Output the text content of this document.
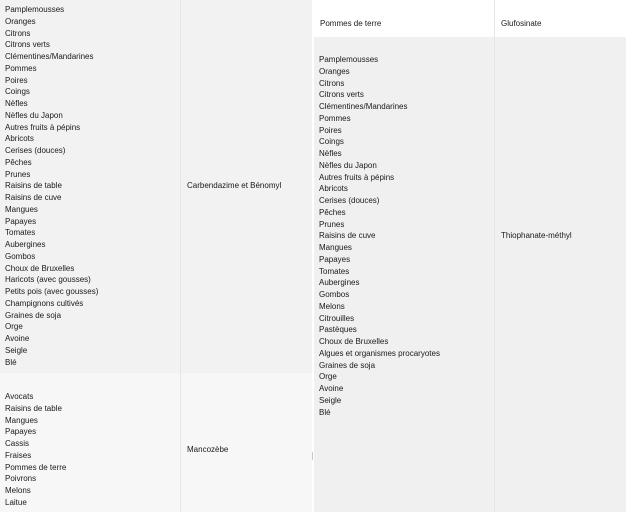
Pamplemousses
Oranges
Citrons
Citrons verts
Clémentines/Mandarines
Pommes
Poires
Coings
Nèfles
Nèfles du Japon
Autres fruits à pépins
Abricots
Cerises (douces)
Pêches
Prunes
Raisins de table
Raisins de cuve
Mangues
Papayes
Tomates
Aubergines
Gombos
Choux de Bruxelles
Haricots (avec gousses)
Petits pois (avec gousses)
Champignons cultivés
Graines de soja
Orge
Avoine
Seigle
Blé
Carbendazime et Bénomyl
Avocats
Raisins de table
Mangues
Papayes
Cassis
Fraises
Pommes de terre
Poivrons
Melons
Laitue
Mancozèbe
Pommes de terre	Glufosinate
Pamplemousses
Oranges
Citrons
Citrons verts
Clémentines/Mandarines
Pommes
Poires
Coings
Nèfles
Nèfles du Japon
Autres fruits à pépins
Abricots
Cerises (douces)
Pêches
Prunes
Raisins de cuve
Mangues
Papayes
Tomates
Aubergines
Gombos
Melons
Citrouilles
Pastèques
Choux de Bruxelles
Algues et organismes procaryotes
Graines de soja
Orge
Avoine
Seigle
Blé
Thiophanate-méthyl
